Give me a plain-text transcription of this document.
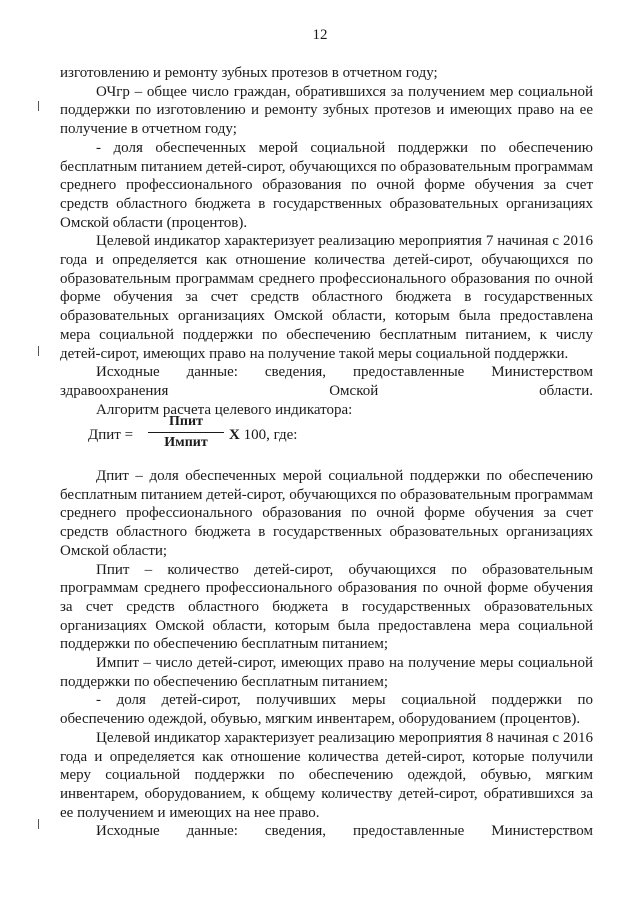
12

изготовлению и ремонту зубных протезов в отчетном году;

ОЧгр – общее число граждан, обратившихся за получением мер социальной поддержки по изготовлению и ремонту зубных протезов и имеющих право на ее получение в отчетном году;

- доля обеспеченных мерой социальной поддержки по обеспечению бесплатным питанием детей-сирот, обучающихся по образовательным программам среднего профессионального образования по очной форме обучения за счет средств областного бюджета в государственных образовательных организациях Омской области (процентов).

Целевой индикатор характеризует реализацию мероприятия 7 начиная с 2016 года и определяется как отношение количества детей-сирот, обучающихся по образовательным программам среднего профессионального образования по очной форме обучения за счет средств областного бюджета в государственных образовательных организациях Омской области, которым была предоставлена мера социальной поддержки по обеспечению бесплатным питанием, к числу детей-сирот, имеющих право на получение такой меры социальной поддержки.

Исходные данные: сведения, предоставленные Министерством здравоохранения Омской области.

Алгоритм расчета целевого индикатора:

Дпит =
Ппит
Импит	X 100, где:

Дпит – доля обеспеченных мерой социальной поддержки по обеспечению бесплатным питанием детей-сирот, обучающихся по образовательным программам среднего профессионального образования по очной форме обучения за счет средств областного бюджета в государственных образовательных организациях Омской области;

Ппит – количество детей-сирот, обучающихся по образовательным программам среднего профессионального образования по очной форме обучения за счет средств областного бюджета в государственных образовательных организациях Омской области, которым была предоставлена мера социальной поддержки по обеспечению бесплатным питанием;

Импит – число детей-сирот, имеющих право на получение меры социальной поддержки по обеспечению бесплатным питанием;

- доля детей-сирот, получивших меры социальной поддержки по обеспечению одеждой, обувью, мягким инвентарем, оборудованием (процентов).

Целевой индикатор характеризует реализацию мероприятия 8 начиная с 2016 года и определяется как отношение количества детей-сирот, которые получили меру социальной поддержки по обеспечению одеждой, обувью, мягким инвентарем, оборудованием, к общему количеству детей-сирот, обратившихся за ее получением и имеющих на нее право.

Исходные данные: сведения, предоставленные Министерством
